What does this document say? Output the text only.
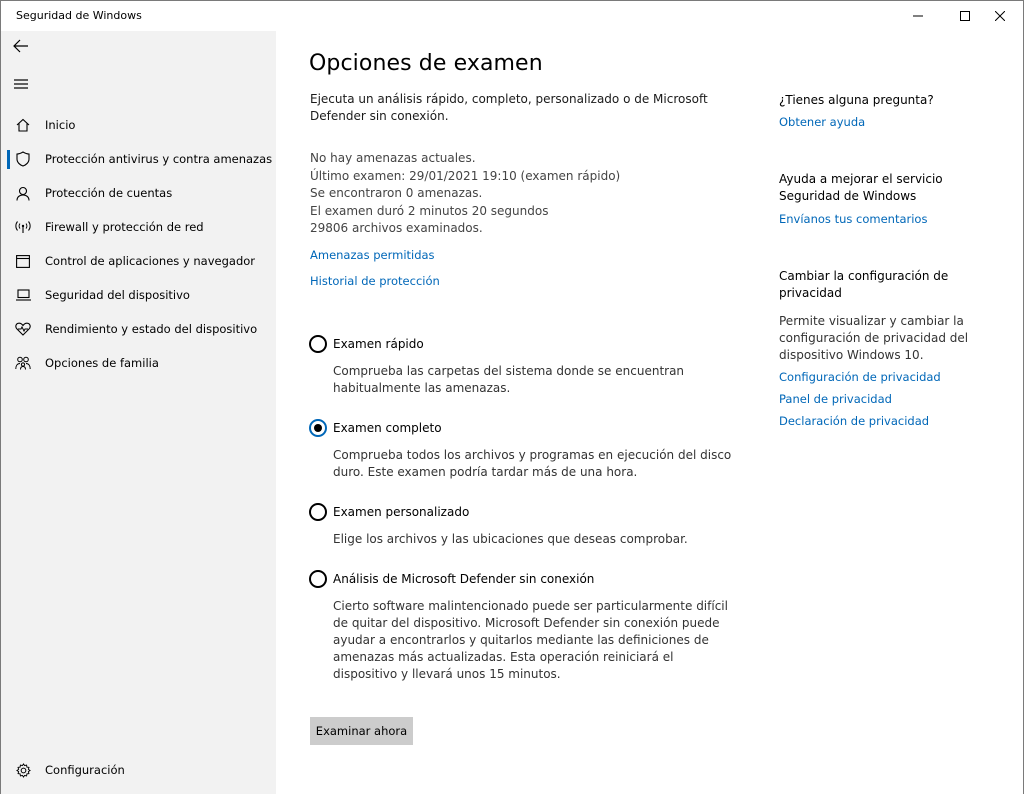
Seguridad de Windows
Inicio
Protección antivirus y contra amenazas
Protección de cuentas
Firewall y protección de red
Control de aplicaciones y navegador
Seguridad del dispositivo
Rendimiento y estado del dispositivo
Opciones de familia
Configuración
Opciones de examen

Ejecuta un análisis rápido, completo, personalizado o de Microsoft Defender sin conexión.

No hay amenazas actuales.
Último examen: 29/01/2021 19:10 (examen rápido)
Se encontraron 0 amenazas.
El examen duró 2 minutos 20 segundos
29806 archivos examinados.
Amenazas permitidas
Historial de protección
Examen rápido

Comprueba las carpetas del sistema donde se encuentran habitualmente las amenazas.

Examen completo

Comprueba todos los archivos y programas en ejecución del disco duro. Este examen podría tardar más de una hora.

Examen personalizado

Elige los archivos y las ubicaciones que deseas comprobar.

Análisis de Microsoft Defender sin conexión

Cierto software malintencionado puede ser particularmente difícil de quitar del dispositivo. Microsoft Defender sin conexión puede ayudar a encontrarlos y quitarlos mediante las definiciones de amenazas más actualizadas. Esta operación reiniciará el dispositivo y llevará unos 15 minutos.

Examinar ahora
¿Tienes alguna pregunta?
Obtener ayuda
Ayuda a mejorar el servicio Seguridad de Windows
Envíanos tus comentarios
Cambiar la configuración de privacidad
Permite visualizar y cambiar la configuración de privacidad del dispositivo Windows 10.
Configuración de privacidad
Panel de privacidad
Declaración de privacidad
